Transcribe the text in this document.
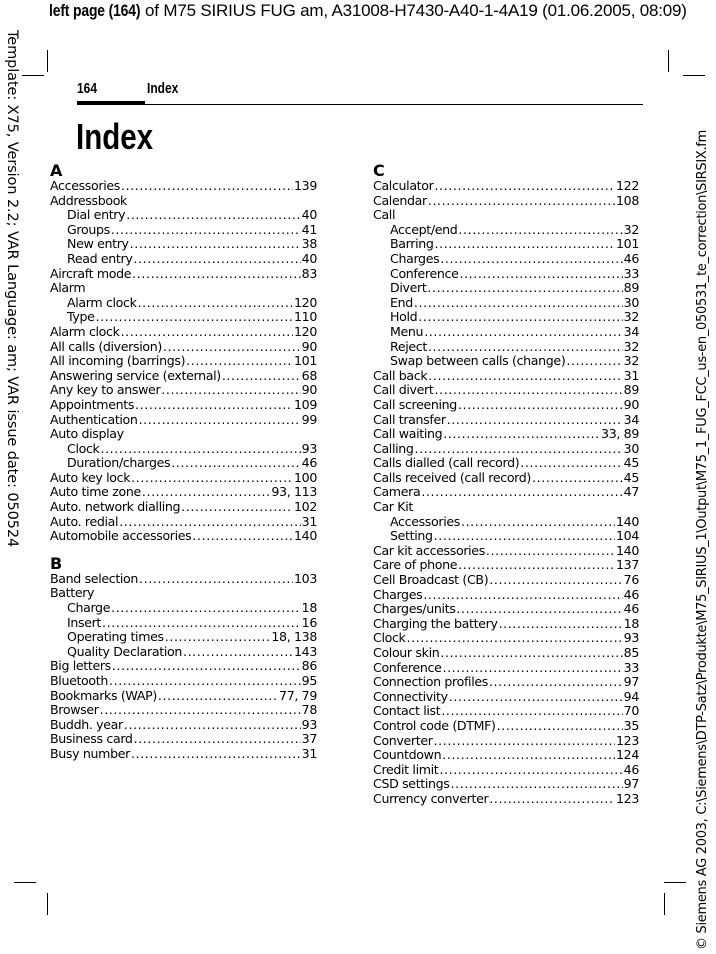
left page (164) of M75 SIRIUS FUG am, A31008-H7430-A40-1-4A19 (01.06.2005, 08:09)
Template: X75, Version 2.2; VAR Language: am; VAR issue date: 050524	© Siemens AG 2003, C:\Siemens\DTP-Satz\Produkte\M75_SIRIUS_1\Output\M75_1_FUG_FCC_us-en_050531_te_correction\SIRSIX.fm
164	Index
Index
A
Accessories .....	139
Addressbook
Dial entry .....	40
Groups .....	41
New entry .....	38
Read entry .....	40
Aircraft mode .....	83
Alarm
Alarm clock .....	120
Type .....	110
Alarm clock .....	120
All calls (diversion) .....	90
All incoming (barrings) .....	101
Answering service (external) .....	68
Any key to answer .....	90
Appointments .....	109
Authentication .....	99
Auto display
Clock .....	93
Duration/charges .....	46
Auto key lock .....	100
Auto time zone .....	93, 113
Auto. network dialling .....	102
Auto. redial .....	31
Automobile accessories .....	140
B
Band selection .....	103
Battery
Charge .....	18
Insert .....	16
Operating times .....	18, 138
Quality Declaration .....	143
Big letters .....	86
Bluetooth .....	95
Bookmarks (WAP) .....	77, 79
Browser .....	78
Buddh. year .....	93
Business card .....	37
Busy number .....	31
C
Calculator .....	122
Calendar .....	108
Call
Accept/end .....	32
Barring .....	101
Charges .....	46
Conference .....	33
Divert .....	89
End .....	30
Hold .....	32
Menu .....	34
Reject .....	32
Swap between calls (change) .....	32
Call back .....	31
Call divert .....	89
Call screening .....	90
Call transfer .....	34
Call waiting .....	33, 89
Calling .....	30
Calls dialled (call record) .....	45
Calls received (call record) .....	45
Camera .....	47
Car Kit
Accessories .....	140
Setting .....	104
Car kit accessories .....	140
Care of phone .....	137
Cell Broadcast (CB) .....	76
Charges .....	46
Charges/units .....	46
Charging the battery .....	18
Clock .....	93
Colour skin .....	85
Conference .....	33
Connection profiles .....	97
Connectivity .....	94
Contact list .....	70
Control code (DTMF) .....	35
Converter .....	123
Countdown .....	124
Credit limit .....	46
CSD settings .....	97
Currency converter .....	123
